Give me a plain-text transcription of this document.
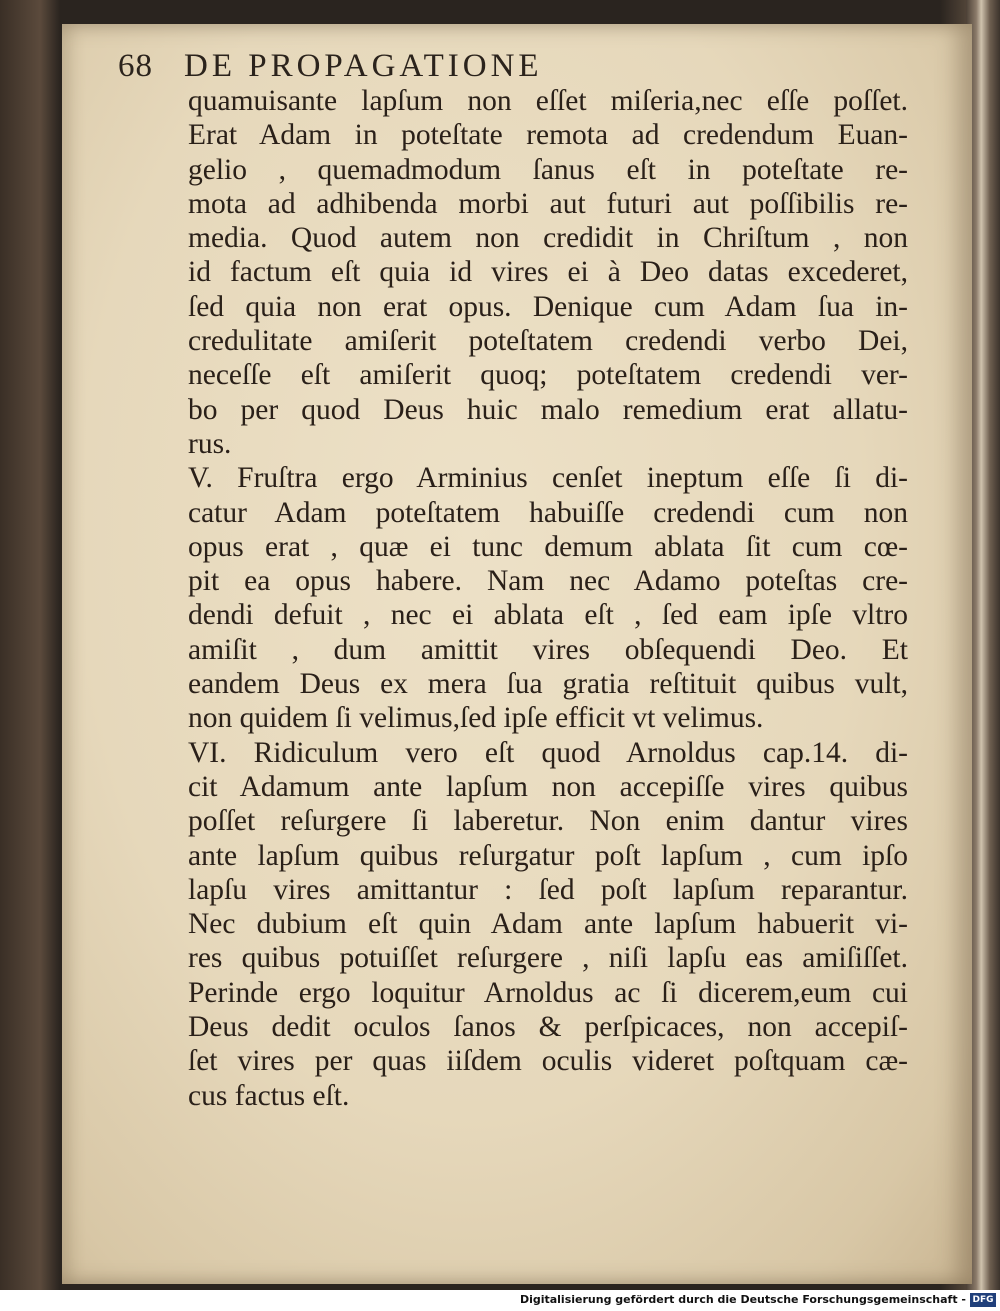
68 DE PROPAGATIONE
quamuisante lapſum non eſſet miſeria,nec eſſe poſſet.
Erat Adam in poteſtate remota ad credendum Euan-
gelio , quemadmodum ſanus eſt in poteſtate re-
mota ad adhibenda morbi aut futuri aut poſſibilis re-
media. Quod autem non credidit in Chriſtum , non
id factum eſt quia id vires ei à Deo datas excederet,
ſed quia non erat opus. Denique cum Adam ſua in-
credulitate amiſerit poteſtatem credendi verbo Dei,
neceſſe eſt amiſerit quoq; poteſtatem credendi ver-
bo per quod Deus huic malo remedium erat allatu-
rus.
V. Fruſtra ergo Arminius cenſet ineptum eſſe ſi di-
catur Adam poteſtatem habuiſſe credendi cum non
opus erat , quæ ei tunc demum ablata ſit cum cœ-
pit ea opus habere. Nam nec Adamo poteſtas cre-
dendi defuit , nec ei ablata eſt , ſed eam ipſe vltro
amiſit , dum amittit vires obſequendi Deo. Et
eandem Deus ex mera ſua gratia reſtituit quibus vult,
non quidem ſi velimus,ſed ipſe efficit vt velimus.
VI. Ridiculum vero eſt quod Arnoldus cap.14. di-
cit Adamum ante lapſum non accepiſſe vires quibus
poſſet reſurgere ſi laberetur. Non enim dantur vires
ante lapſum quibus reſurgatur poſt lapſum , cum ipſo
lapſu vires amittantur : ſed poſt lapſum reparantur.
Nec dubium eſt quin Adam ante lapſum habuerit vi-
res quibus potuiſſet reſurgere , niſi lapſu eas amiſiſſet.
Perinde ergo loquitur Arnoldus ac ſi dicerem,eum cui
Deus dedit oculos ſanos & perſpicaces, non accepiſ-
ſet vires per quas iiſdem oculis videret poſtquam cæ-
cus factus eſt.
Digitalisierung gefördert durch die Deutsche Forschungsgemeinschaft - DFG
